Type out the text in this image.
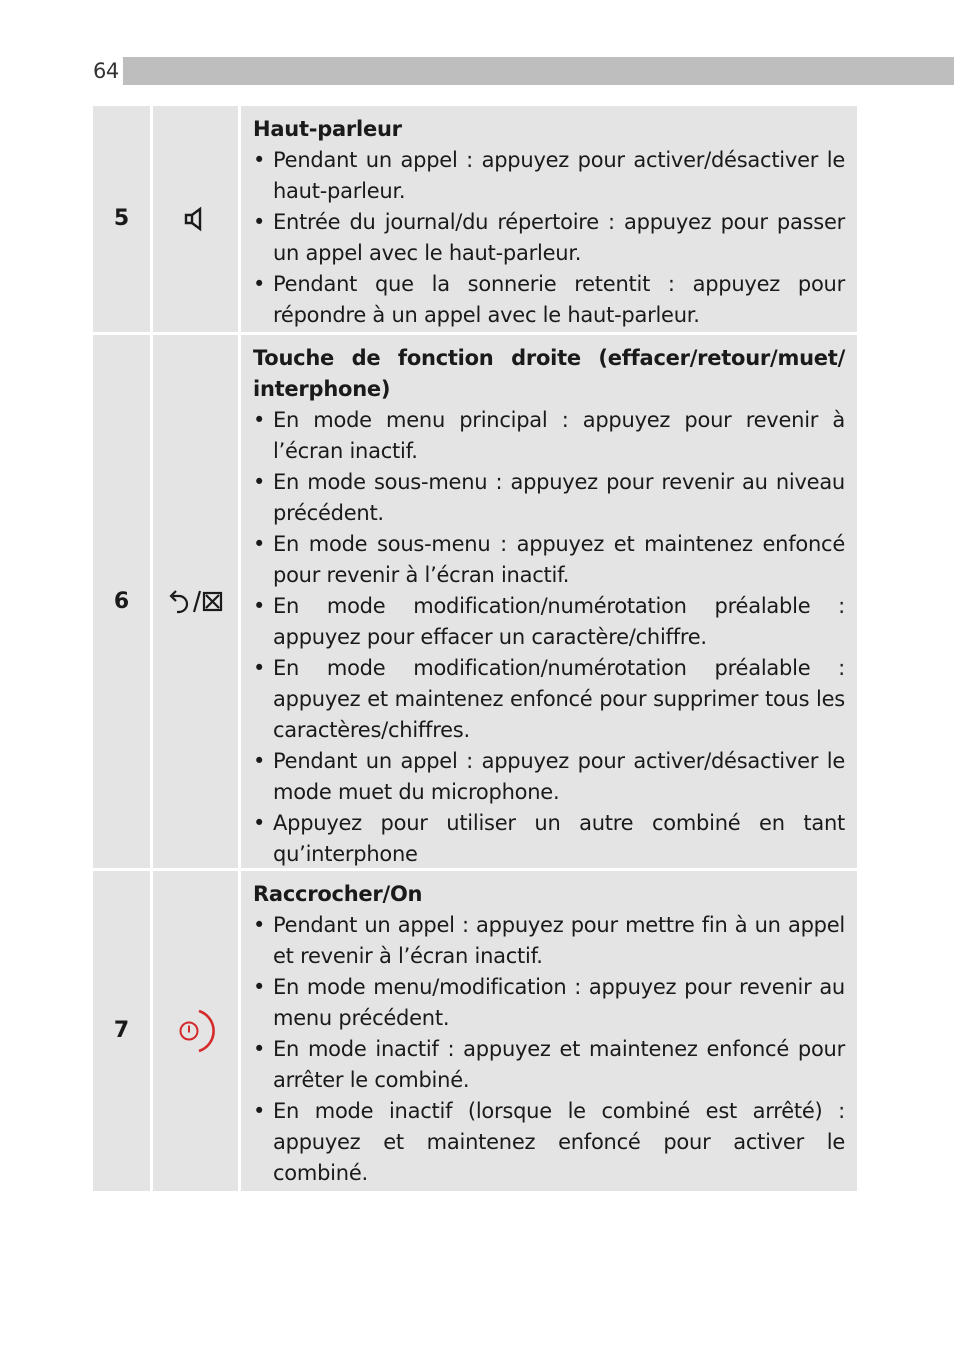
64
5
Haut-parleur
• Pendant un appel : appuyez pour activer/désactiver le haut-parleur.
• Entrée du journal/du répertoire : appuyez pour passer un appel avec le haut-parleur.
• Pendant que la sonnerie retentit : appuyez pour répondre à un appel avec le haut-parleur.
6
Touche de fonction droite (effacer/retour/muet/ interphone)
• En mode menu principal : appuyez pour revenir à l’écran inactif.
• En mode sous-menu : appuyez pour revenir au niveau précédent.
• En mode sous-menu : appuyez et maintenez enfoncé pour revenir à l’écran inactif.
• En mode modification/numérotation préalable : appuyez pour effacer un caractère/chiffre.
• En mode modification/numérotation préalable : appuyez et maintenez enfoncé pour supprimer tous les caractères/chiffres.
• Pendant un appel : appuyez pour activer/désactiver le mode muet du microphone.
• Appuyez pour utiliser un autre combiné en tant qu’interphone
7
Raccrocher/On
• Pendant un appel : appuyez pour mettre fin à un appel et revenir à l’écran inactif.
• En mode menu/modification : appuyez pour revenir au menu précédent.
• En mode inactif : appuyez et maintenez enfoncé pour arrêter le combiné.
• En mode inactif (lorsque le combiné est arrêté) : appuyez et maintenez enfoncé pour activer le combiné.
